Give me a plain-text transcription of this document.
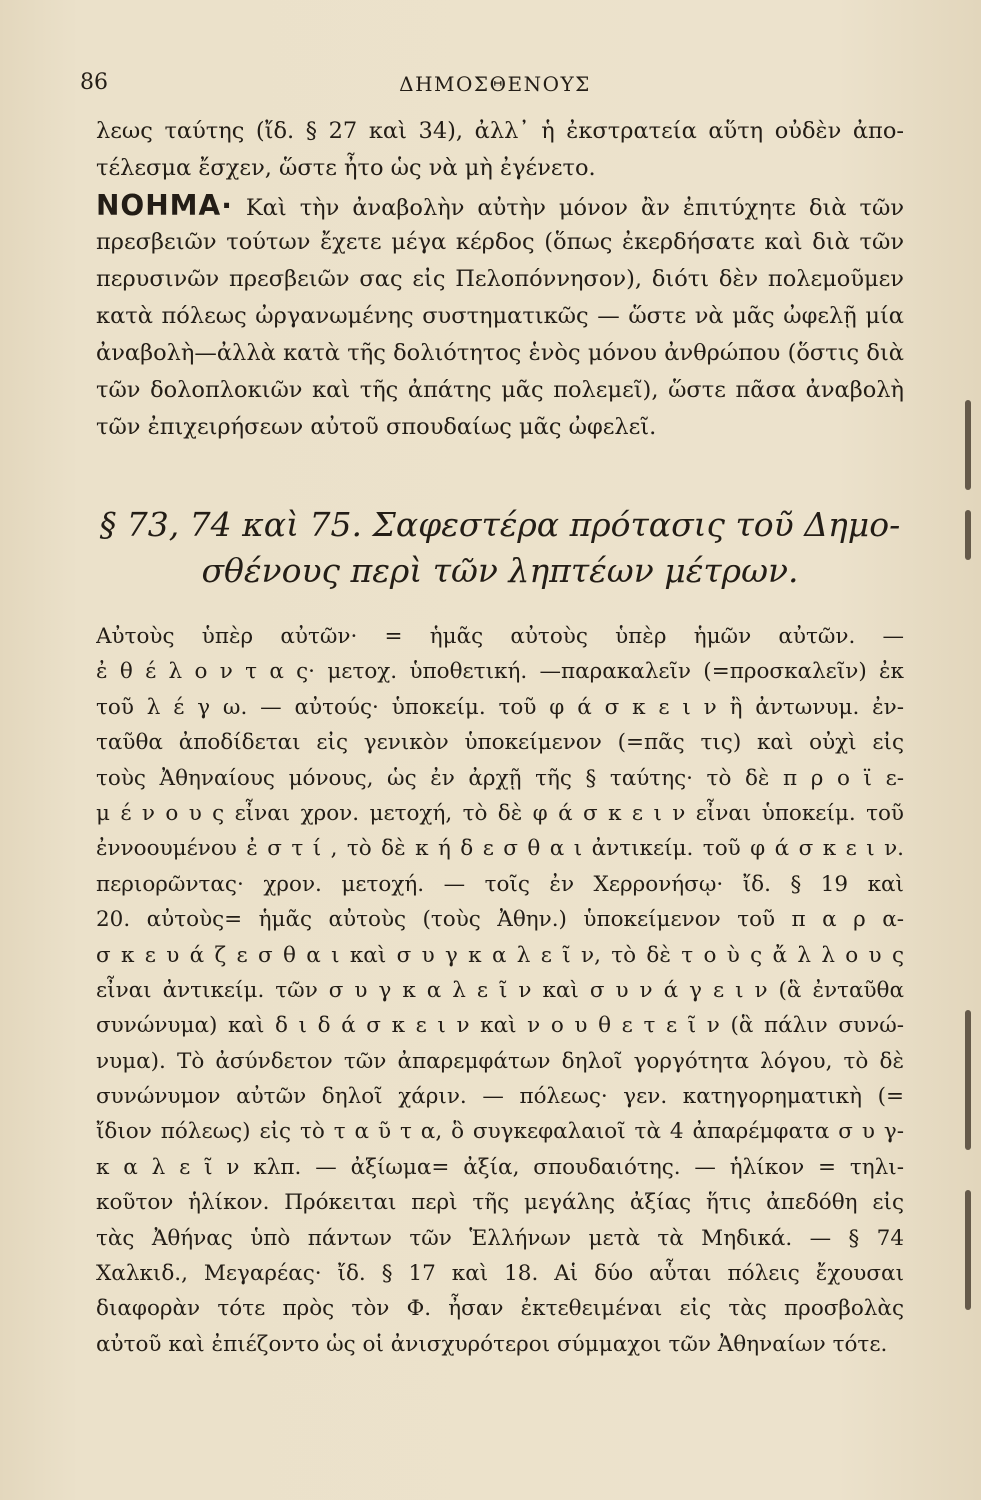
86	ΔΗΜΟΣΘΕΝΟΥΣ
λεως ταύτης (ἴδ. § 27 καὶ 34), ἀλλ᾽ ἡ ἐκστρατεία αὕτη οὐδὲν ἀπο-
τέλεσμα ἔσχεν, ὥστε ἦτο ὡς νὰ μὴ ἐγένετο.
ΝΟΗΜΑ· Καὶ τὴν ἀναβολὴν αὐτὴν μόνον ἂν ἐπιτύχητε διὰ τῶν
πρεσβειῶν τούτων ἔχετε μέγα κέρδος (ὅπως ἐκερδήσατε καὶ διὰ τῶν
περυσινῶν πρεσβειῶν σας εἰς Πελοπόννησον), διότι δὲν πολεμοῦμεν
κατὰ πόλεως ὠργανωμένης συστηματικῶς — ὥστε νὰ μᾶς ὠφελῇ μία
ἀναβολὴ—ἀλλὰ κατὰ τῆς δολιότητος ἑνὸς μόνου ἀνθρώπου (ὅστις διὰ
τῶν δολοπλοκιῶν καὶ τῆς ἀπάτης μᾶς πολεμεῖ), ὥστε πᾶσα ἀναβολὴ
τῶν ἐπιχειρήσεων αὐτοῦ σπουδαίως μᾶς ὠφελεῖ.
§ 73, 74 καὶ 75. Σαφεστέρα πρότασις τοῦ Δημο-
σθένους περὶ τῶν ληπτέων μέτρων.
Αὐτοὺς ὑπὲρ αὐτῶν· = ἡμᾶς αὐτοὺς ὑπὲρ ἡμῶν αὐτῶν. —
ἐ θ έ λ ο ν τ α ς· μετοχ. ὑποθετική. —παρακαλεῖν (=προσκαλεῖν) ἐκ
τοῦ λ έ γ ω. — αὐτούς· ὑποκείμ. τοῦ φ ά σ κ ε ι ν ἢ ἀντωνυμ. ἐν-
ταῦθα ἀποδίδεται εἰς γενικὸν ὑποκείμενον (=πᾶς τις) καὶ οὐχὶ εἰς
τοὺς Ἀθηναίους μόνους, ὡς ἐν ἀρχῇ τῆς § ταύτης· τὸ δὲ π ρ ο ϊ ε-
μ έ ν ο υ ς εἶναι χρον. μετοχή, τὸ δὲ φ ά σ κ ε ι ν εἶναι ὑποκείμ. τοῦ
ἐννοουμένου ἐ σ τ ί , τὸ δὲ κ ή δ ε σ θ α ι ἀντικείμ. τοῦ φ ά σ κ ε ι ν.
περιορῶντας· χρον. μετοχή. — τοῖς ἐν Χερρονήσῳ· ἴδ. § 19 καὶ
20. αὐτοὺς= ἡμᾶς αὐτοὺς (τοὺς Ἀθην.) ὑποκείμενον τοῦ π α ρ α-
σ κ ε υ ά ζ ε σ θ α ι καὶ σ υ γ κ α λ ε ῖ ν, τὸ δὲ τ ο ὺ ς ἄ λ λ ο υ ς
εἶναι ἀντικείμ. τῶν σ υ γ κ α λ ε ῖ ν καὶ σ υ ν ά γ ε ι ν (ἃ ἐνταῦθα
συνώνυμα) καὶ δ ι δ ά σ κ ε ι ν καὶ ν ο υ θ ε τ ε ῖ ν (ἃ πάλιν συνώ-
νυμα). Τὸ ἀσύνδετον τῶν ἀπαρεμφάτων δηλοῖ γοργότητα λόγου, τὸ δὲ
συνώνυμον αὐτῶν δηλοῖ χάριν. — πόλεως· γεν. κατηγορηματικὴ (=
ἴδιον πόλεως) εἰς τὸ τ α ῦ τ α, ὃ συγκεφαλαιοῖ τὰ 4 ἀπαρέμφατα σ υ γ-
κ α λ ε ῖ ν κλπ. — ἀξίωμα= ἀξία, σπουδαιότης. — ἡλίκον = τηλι-
κοῦτον ἡλίκον. Πρόκειται περὶ τῆς μεγάλης ἀξίας ἥτις ἀπεδόθη εἰς
τὰς Ἀθήνας ὑπὸ πάντων τῶν Ἑλλήνων μετὰ τὰ Μηδικά. — § 74
Χαλκιδ., Μεγαρέας· ἴδ. § 17 καὶ 18. Αἱ δύο αὗται πόλεις ἔχουσαι
διαφορὰν τότε πρὸς τὸν Φ. ἦσαν ἐκτεθειμέναι εἰς τὰς προσβολὰς
αὐτοῦ καὶ ἐπιέζοντο ὡς οἱ ἀνισχυρότεροι σύμμαχοι τῶν Ἀθηναίων τότε.
